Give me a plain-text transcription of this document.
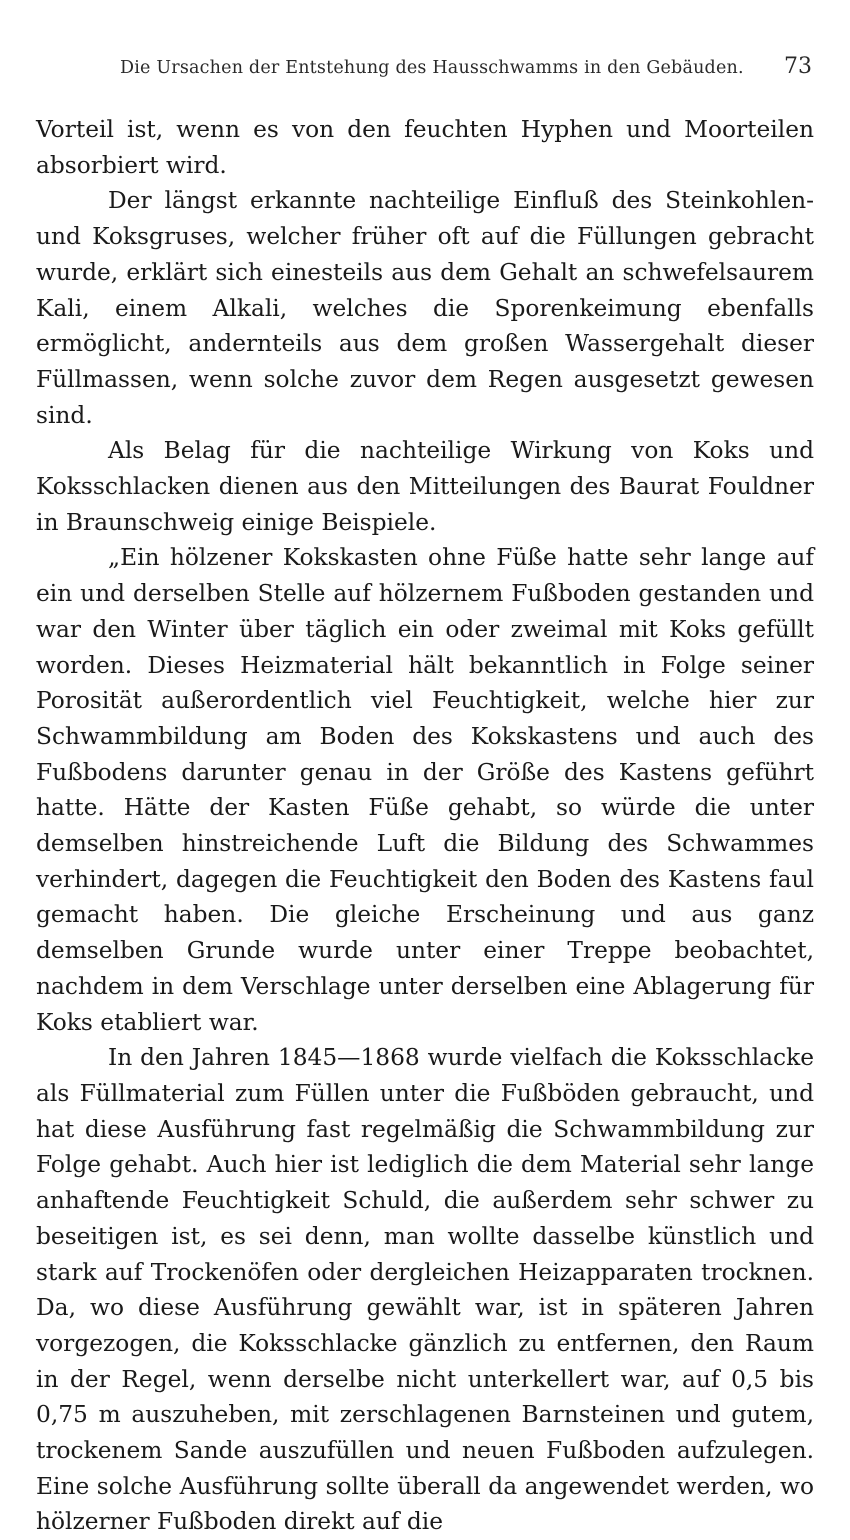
Die Ursachen der Entstehung des Hausschwamms in den Gebäuden. 73

Vorteil ist, wenn es von den feuchten Hyphen und Moorteilen absorbiert wird.

Der längst erkannte nachteilige Einfluß des Steinkohlen- und Koksgruses, welcher früher oft auf die Füllungen gebracht wurde, erklärt sich einesteils aus dem Gehalt an schwefelsaurem Kali, einem Alkali, welches die Sporenkeimung ebenfalls ermöglicht, andernteils aus dem großen Wassergehalt dieser Füllmassen, wenn solche zuvor dem Regen ausgesetzt gewesen sind.

Als Belag für die nachteilige Wirkung von Koks und Koksschlacken dienen aus den Mitteilungen des Baurat Fouldner in Braunschweig einige Beispiele.

„Ein hölzener Kokskasten ohne Füße hatte sehr lange auf ein und derselben Stelle auf hölzernem Fußboden gestanden und war den Winter über täglich ein oder zweimal mit Koks gefüllt worden. Dieses Heizmaterial hält bekanntlich in Folge seiner Porosität außerordentlich viel Feuchtigkeit, welche hier zur Schwammbildung am Boden des Kokskastens und auch des Fußbodens darunter genau in der Größe des Kastens geführt hatte. Hätte der Kasten Füße gehabt, so würde die unter demselben hinstreichende Luft die Bildung des Schwammes verhindert, dagegen die Feuchtigkeit den Boden des Kastens faul gemacht haben. Die gleiche Erscheinung und aus ganz demselben Grunde wurde unter einer Treppe beobachtet, nachdem in dem Verschlage unter derselben eine Ablagerung für Koks etabliert war.

In den Jahren 1845—1868 wurde vielfach die Koksschlacke als Füllmaterial zum Füllen unter die Fußböden gebraucht, und hat diese Ausführung fast regelmäßig die Schwammbildung zur Folge gehabt. Auch hier ist lediglich die dem Material sehr lange anhaftende Feuchtigkeit Schuld, die außerdem sehr schwer zu beseitigen ist, es sei denn, man wollte dasselbe künstlich und stark auf Trockenöfen oder dergleichen Heizapparaten trocknen. Da, wo diese Ausführung gewählt war, ist in späteren Jahren vorgezogen, die Koksschlacke gänzlich zu entfernen, den Raum in der Regel, wenn derselbe nicht unterkellert war, auf 0,5 bis 0,75 m auszuheben, mit zerschlagenen Barnsteinen und gutem, trockenem Sande auszufüllen und neuen Fußboden aufzulegen. Eine solche Ausführung sollte überall da angewendet werden, wo hölzerner Fußboden direkt auf die
